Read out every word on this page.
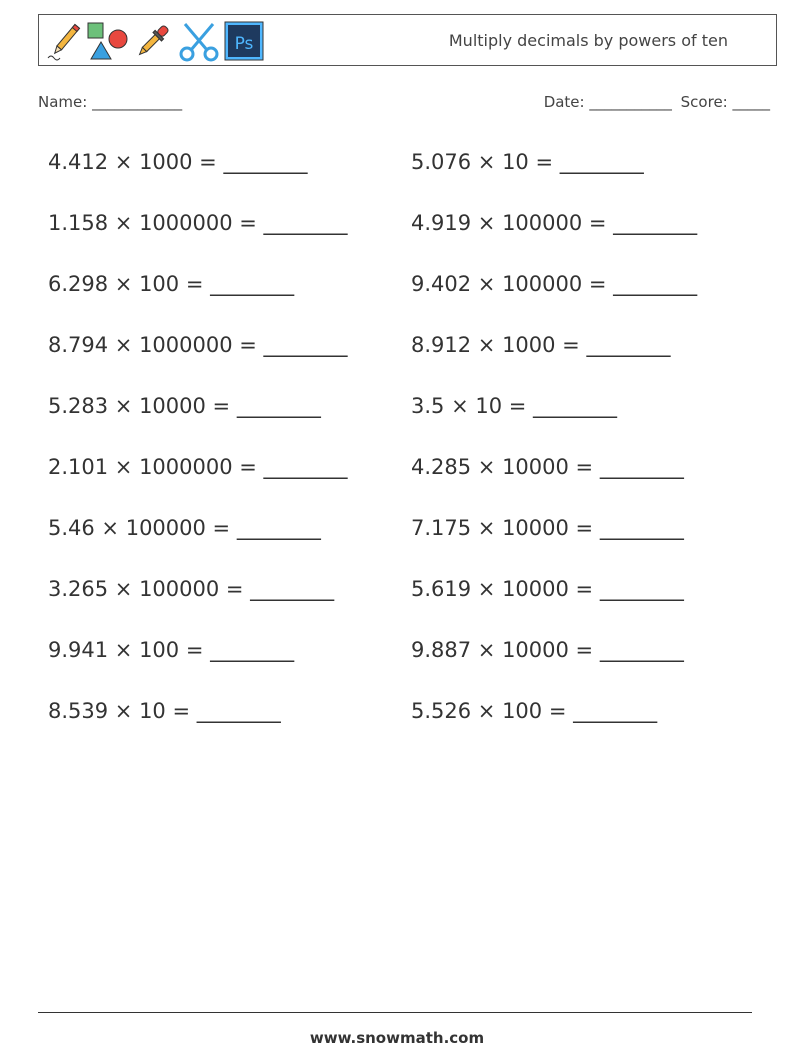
Ps	Multiply decimals by powers of ten
Name: ____________	Date: ___________ Score: _____
4.412 × 1000 = ________	5.076 × 10 = ________
1.158 × 1000000 = ________	4.919 × 100000 = ________
6.298 × 100 = ________	9.402 × 100000 = ________
8.794 × 1000000 = ________	8.912 × 1000 = ________
5.283 × 10000 = ________	3.5 × 10 = ________
2.101 × 1000000 = ________	4.285 × 10000 = ________
5.46 × 100000 = ________	7.175 × 10000 = ________
3.265 × 100000 = ________	5.619 × 10000 = ________
9.941 × 100 = ________	9.887 × 10000 = ________
8.539 × 10 = ________	5.526 × 100 = ________
www.snowmath.com
